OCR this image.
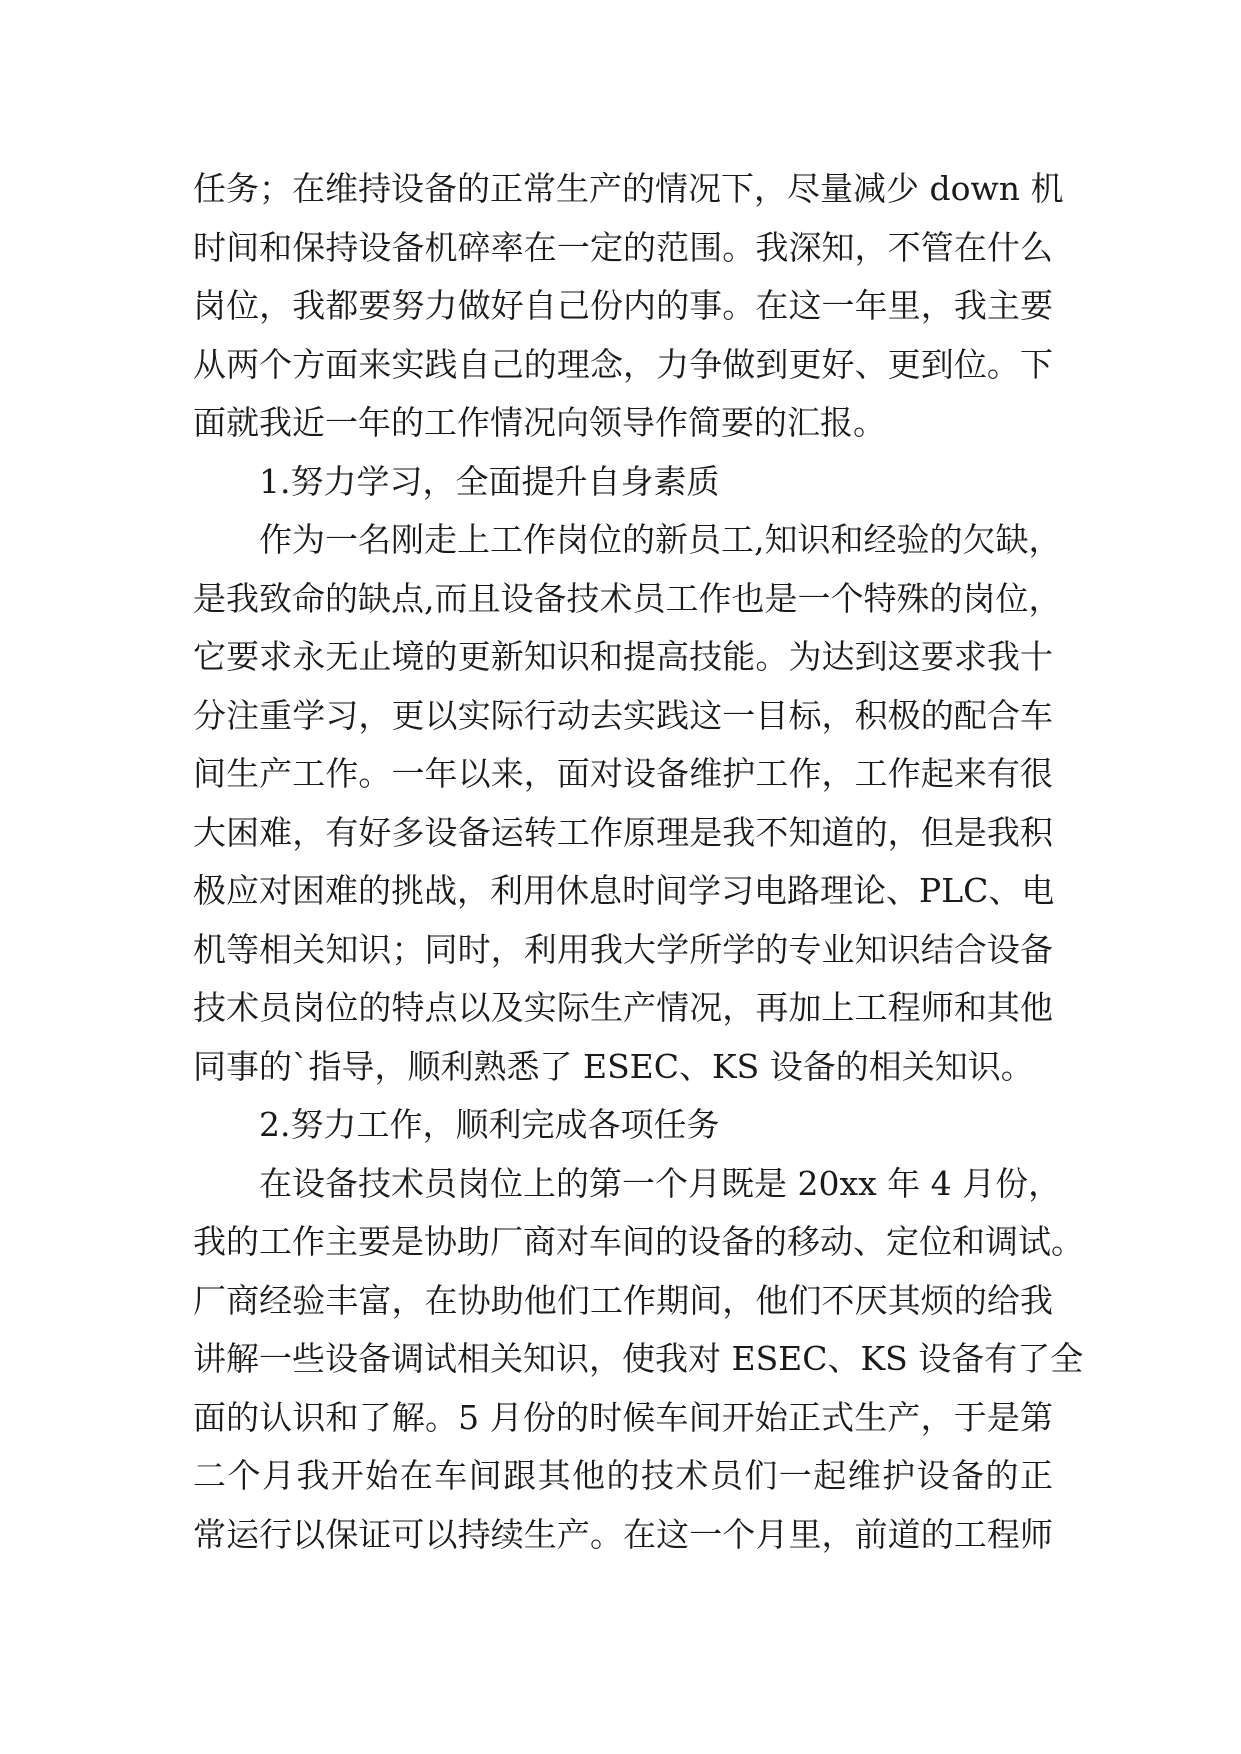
任务；在维持设备的正常生产的情况下，尽量减少 down 机
时间和保持设备机碎率在一定的范围。我深知，不管在什么
岗位，我都要努力做好自己份内的事。在这一年里，我主要
从两个方面来实践自己的理念，力争做到更好、更到位。下
面就我近一年的工作情况向领导作简要的汇报。
1.努力学习，全面提升自身素质
作为一名刚走上工作岗位的新员工,知识和经验的欠缺，
是我致命的缺点,而且设备技术员工作也是一个特殊的岗位，
它要求永无止境的更新知识和提高技能。为达到这要求我十
分注重学习，更以实际行动去实践这一目标，积极的配合车
间生产工作。一年以来，面对设备维护工作，工作起来有很
大困难，有好多设备运转工作原理是我不知道的，但是我积
极应对困难的挑战，利用休息时间学习电路理论、PLC、电
机等相关知识；同时，利用我大学所学的专业知识结合设备
技术员岗位的特点以及实际生产情况，再加上工程师和其他
同事的`指导，顺利熟悉了 ESEC、KS 设备的相关知识。
2.努力工作，顺利完成各项任务
在设备技术员岗位上的第一个月既是 20xx 年 4 月份，
我的工作主要是协助厂商对车间的设备的移动、定位和调试。
厂商经验丰富，在协助他们工作期间，他们不厌其烦的给我
讲解一些设备调试相关知识，使我对 ESEC、KS 设备有了全
面的认识和了解。5 月份的时候车间开始正式生产，于是第
二个月我开始在车间跟其他的技术员们一起维护设备的正
常运行以保证可以持续生产。在这一个月里，前道的工程师
